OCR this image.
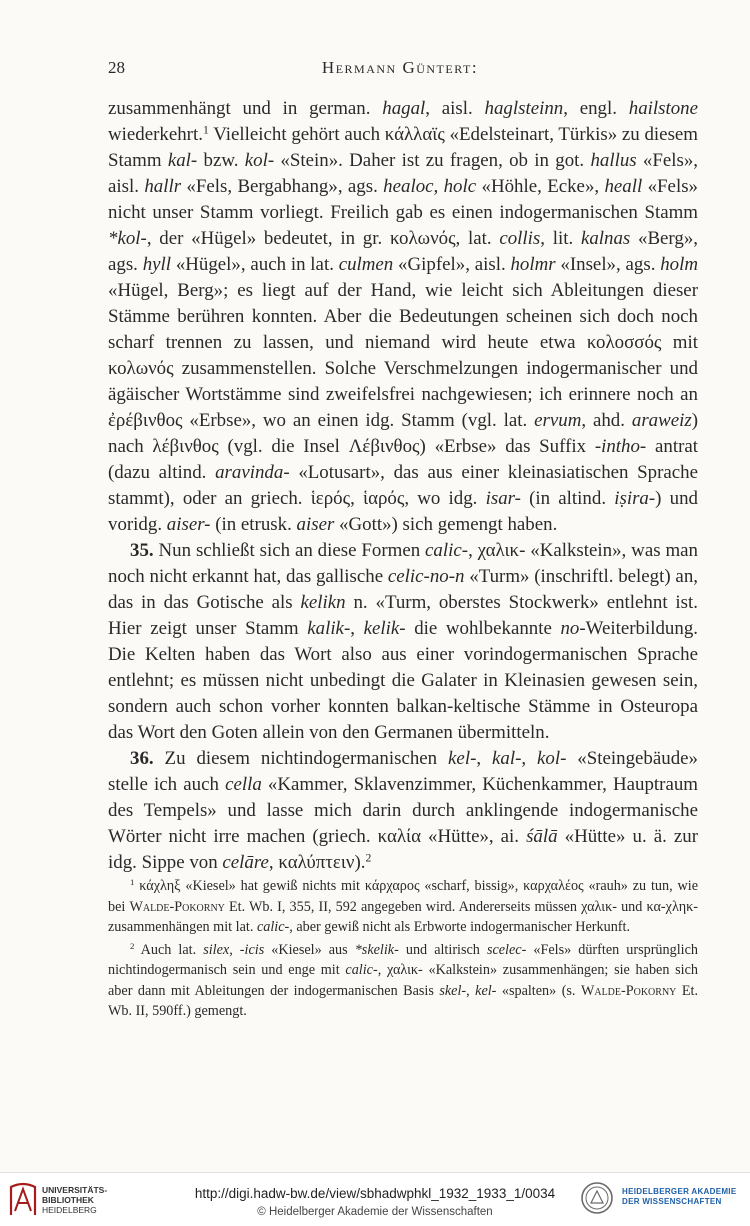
28	Hermann Güntert:

zusammenhängt und in german. hagal, aisl. haglsteinn, engl. hailstone wiederkehrt.$^1$ Vielleicht gehört auch κάλλαϊς «Edelsteinart, Türkis» zu diesem Stamm kal- bzw. kol- «Stein». Daher ist zu fragen, ob in got. hallus «Fels», aisl. hallr «Fels, Bergabhang», ags. healoc, holc «Höhle, Ecke», heall «Fels» nicht unser Stamm vorliegt. Freilich gab es einen indogermanischen Stamm *kol-, der «Hügel» bedeutet, in gr. κολωνός, lat. collis, lit. kalnas «Berg», ags. hyll «Hügel», auch in lat. culmen «Gipfel», aisl. holmr «Insel», ags. holm «Hügel, Berg»; es liegt auf der Hand, wie leicht sich Ableitungen dieser Stämme berühren konnten. Aber die Bedeutungen scheinen sich doch noch scharf trennen zu lassen, und niemand wird heute etwa κολοσσός mit κολωνός zusammenstellen. Solche Verschmelzungen indogermanischer und ägäischer Wortstämme sind zweifelsfrei nachgewiesen; ich erinnere noch an ἐρέβινθος «Erbse», wo an einen idg. Stamm (vgl. lat. ervum, ahd. araweiz) nach λέβινθος (vgl. die Insel Λέβινθος) «Erbse» das Suffix -intho- antrat (dazu altind. aravinda- «Lotusart», das aus einer kleinasiatischen Sprache stammt), oder an griech. ἱερός, ἱαρός, wo idg. isar- (in altind. iṣira-) und voridg. aiser- (in etrusk. aiser «Gott») sich gemengt haben.

35. Nun schließt sich an diese Formen calic-, χαλικ- «Kalkstein», was man noch nicht erkannt hat, das gallische celic-no-n «Turm» (inschriftl. belegt) an, das in das Gotische als kelikn n. «Turm, oberstes Stockwerk» entlehnt ist. Hier zeigt unser Stamm kalik-, kelik- die wohlbekannte no-Weiterbildung. Die Kelten haben das Wort also aus einer vorindogermanischen Sprache entlehnt; es müssen nicht unbedingt die Galater in Kleinasien gewesen sein, sondern auch schon vorher konnten balkan-keltische Stämme in Osteuropa das Wort den Goten allein von den Germanen übermitteln.

36. Zu diesem nichtindogermanischen kel-, kal-, kol- «Steingebäude» stelle ich auch cella «Kammer, Sklavenzimmer, Küchenkammer, Hauptraum des Tempels» und lasse mich darin durch anklingende indogermanische Wörter nicht irre machen (griech. καλία «Hütte», ai. śālā «Hütte» u. ä. zur idg. Sippe von celāre, καλύπτειν).$^2$

$^1$ κάχληξ «Kiesel» hat gewiß nichts mit κάρχαρος «scharf, bissig», καρχαλέος «rauh» zu tun, wie bei Walde-Pokorny Et. Wb. I, 355, II, 592 angegeben wird. Andererseits müssen χαλικ- und κα-χληκ- zusammenhängen mit lat. calic-, aber gewiß nicht als Erbworte indogermanischer Herkunft.

$^2$ Auch lat. silex, -icis «Kiesel» aus *skelik- und altirisch scelec- «Fels» dürften ursprünglich nichtindogermanisch sein und enge mit calic-, χαλικ- «Kalkstein» zusammenhängen; sie haben sich aber dann mit Ableitungen der indogermanischen Basis skel-, kel- «spalten» (s. Walde-Pokorny Et. Wb. II, 590ff.) gemengt.

UNIVERSITÄTS-
BIBLIOTHEK
HEIDELBERG
http://digi.hadw-bw.de/view/sbhadwphkl_1932_1933_1/0034
© Heidelberger Akademie der Wissenschaften
HEIDELBERGER AKADEMIE
DER WISSENSCHAFTEN
